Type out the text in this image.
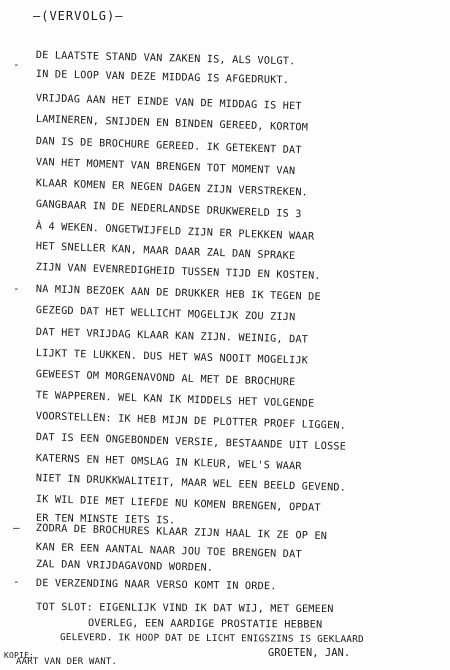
—(VERVOLG)—
-
-
—
-
DE LAATSTE STAND VAN ZAKEN IS, ALS VOLGT.
IN DE LOOP VAN DEZE MIDDAG IS AFGEDRUKT.
VRIJDAG AAN HET EINDE VAN DE MIDDAG IS HET
LAMINEREN, SNIJDEN EN BINDEN GEREED, KORTOM
DAN IS DE BROCHURE GEREED. IK GETEKENT DAT
VAN HET MOMENT VAN BRENGEN TOT MOMENT VAN
KLAAR KOMEN ER NEGEN DAGEN ZIJN VERSTREKEN.
GANGBAAR IN DE NEDERLANDSE DRUKWERELD IS 3
À 4 WEKEN. ONGETWIJFELD ZIJN ER PLEKKEN WAAR
HET SNELLER KAN, MAAR DAAR ZAL DAN SPRAKE
ZIJN VAN EVENREDIGHEID TUSSEN TIJD EN KOSTEN.
NA MIJN BEZOEK AAN DE DRUKKER HEB IK TEGEN DE
GEZEGD DAT HET WELLICHT MOGELIJK ZOU ZIJN
DAT HET VRIJDAG KLAAR KAN ZIJN. WEINIG, DAT
LIJKT TE LUKKEN. DUS HET WAS NOOIT MOGELIJK
GEWEEST OM MORGENAVOND AL MET DE BROCHURE
TE WAPPEREN. WEL KAN IK MIDDELS HET VOLGENDE
VOORSTELLEN: IK HEB MIJN DE PLOTTER PROEF LIGGEN.
DAT IS EEN ONGEBONDEN VERSIE, BESTAANDE UIT LOSSE
KATERNS EN HET OMSLAG IN KLEUR, WEL'S WAAR
NIET IN DRUKKWALITEIT, MAAR WEL EEN BEELD GEVEND.
IK WIL DIE MET LIEFDE NU KOMEN BRENGEN, OPDAT
ER TEN MINSTE IETS IS.
ZODRA DE BROCHURES KLAAR ZIJN HAAL IK ZE OP EN
KAN ER EEN AANTAL NAAR JOU TOE BRENGEN DAT
ZAL DAN VRIJDAGAVOND WORDEN.
DE VERZENDING NAAR VERSO KOMT IN ORDE.
TOT SLOT: EIGENLIJK VIND IK DAT WIJ, MET GEMEEN
OVERLEG, EEN AARDIGE PROSTATIE HEBBEN
GELEVERD. IK HOOP DAT DE LICHT ENIGSZINS IS GEKLAARD
GROETEN, JAN.
KOPIE:
AART VAN DER WANT.
